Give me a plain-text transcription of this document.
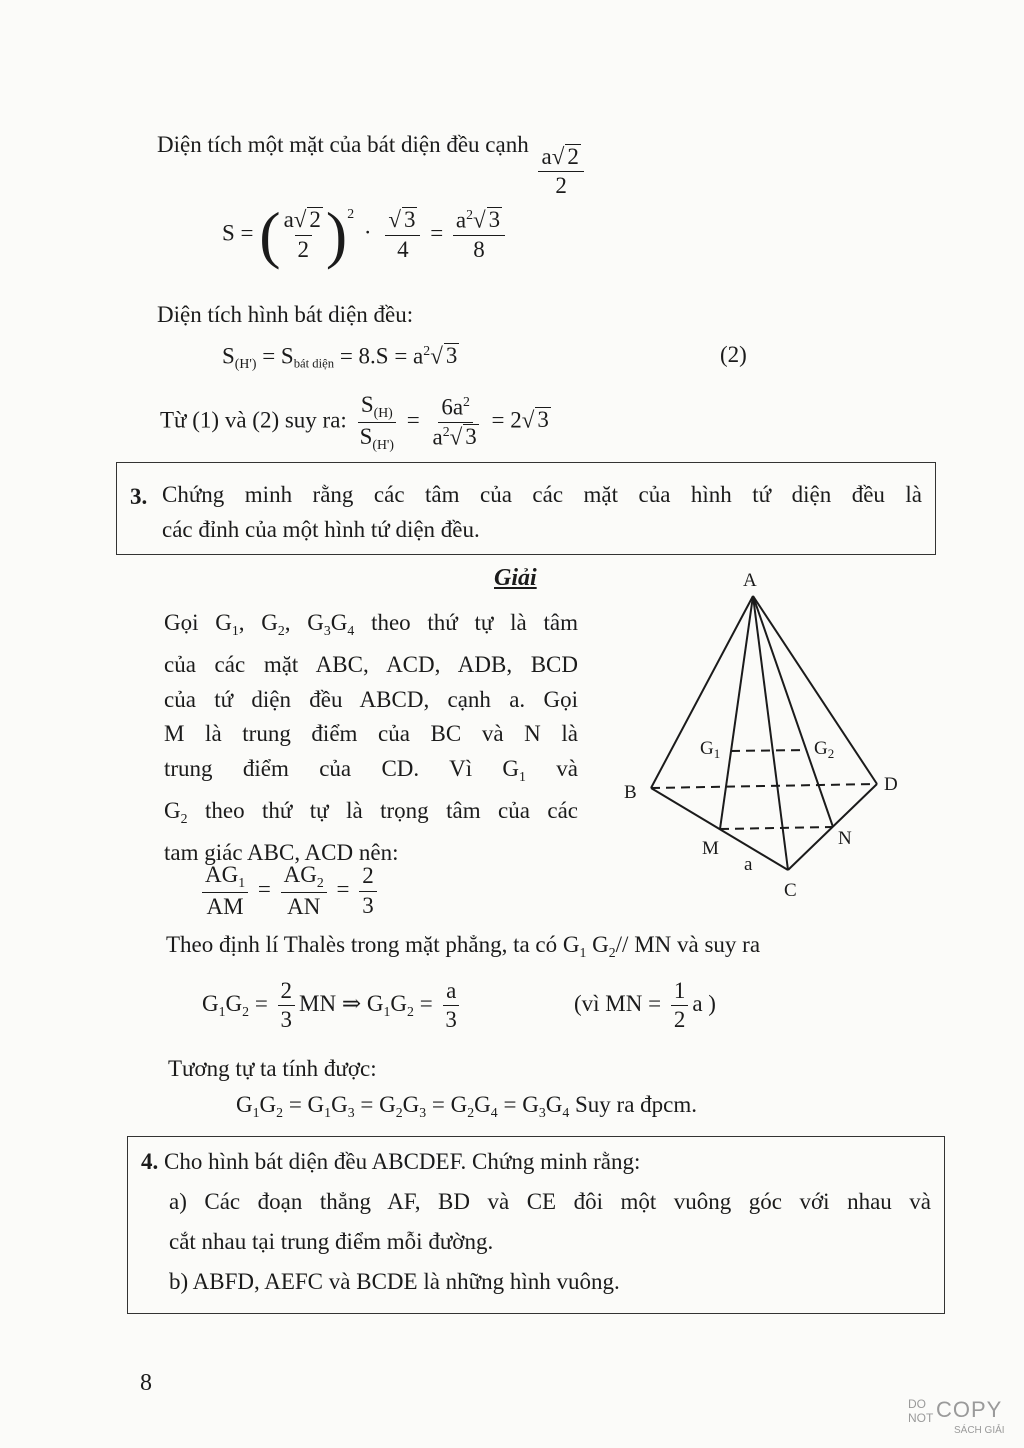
Diện tích một mặt của bát diện đều cạnh $\frac{a√ 2}{2}$
S = ( $\frac{a√ 2}{2} )^2 \cdot \frac{√ 3}{4} = \frac{a^2√ 3}{8}$
Diện tích hình bát diện đều:
$S_{(H')} = S_{bát diện} = 8.S = a^2√$ 3	(2)
Từ (1) và (2) suy ra: $\frac{S_{(H)}}{S_{(H')}} = \frac{6a^2}{a^2√ 3} = 2√$ 3
3. Chứng minh rằng các tâm của các mặt của hình tứ diện đều là

các đỉnh của một hình tứ diện đều.

Giải

Gọi $G_1$, $G_2$, $G_3G_4$ theo thứ tự là tâm

của các mặt ABC, ACD, ADB, BCD

của tứ diện đều ABCD, cạnh a. Gọi

M là trung điểm của BC và N là

trung điểm của CD. Vì $G_1$ và

$G_2$ theo thứ tự là trọng tâm của các

tam giác ABC, ACD nên:

$\frac{AG_1}{AM} = \frac{AG_2}{AN} = \frac{2}{3}$
Theo định lí Thalès trong mặt phẳng, ta có $G_1$ $G_2//$ MN và suy ra
$G_1G_2 = \frac{2}{3}$ MN ⇒ $G_1G_2 = \frac{a}{3}$	(vì MN = $\frac{1}{2}$ a )
Tương tự ta tính được:
$G_1G_2 = G_1G_3 = G_2G_3 = G_2G_4 = G_3G_4$ Suy ra đpcm.
A
B	D
C
M	N
a
$G_1$	$G_2$

4. Cho hình bát diện đều ABCDEF. Chứng minh rằng:

a) Các đoạn thẳng AF, BD và CE đôi một vuông góc với nhau và

cắt nhau tại trung điểm mỗi đường.

b) ABFD, AEFC và BCDE là những hình vuông.

8
DO
NOT COPY
SÁCH GIẢI
